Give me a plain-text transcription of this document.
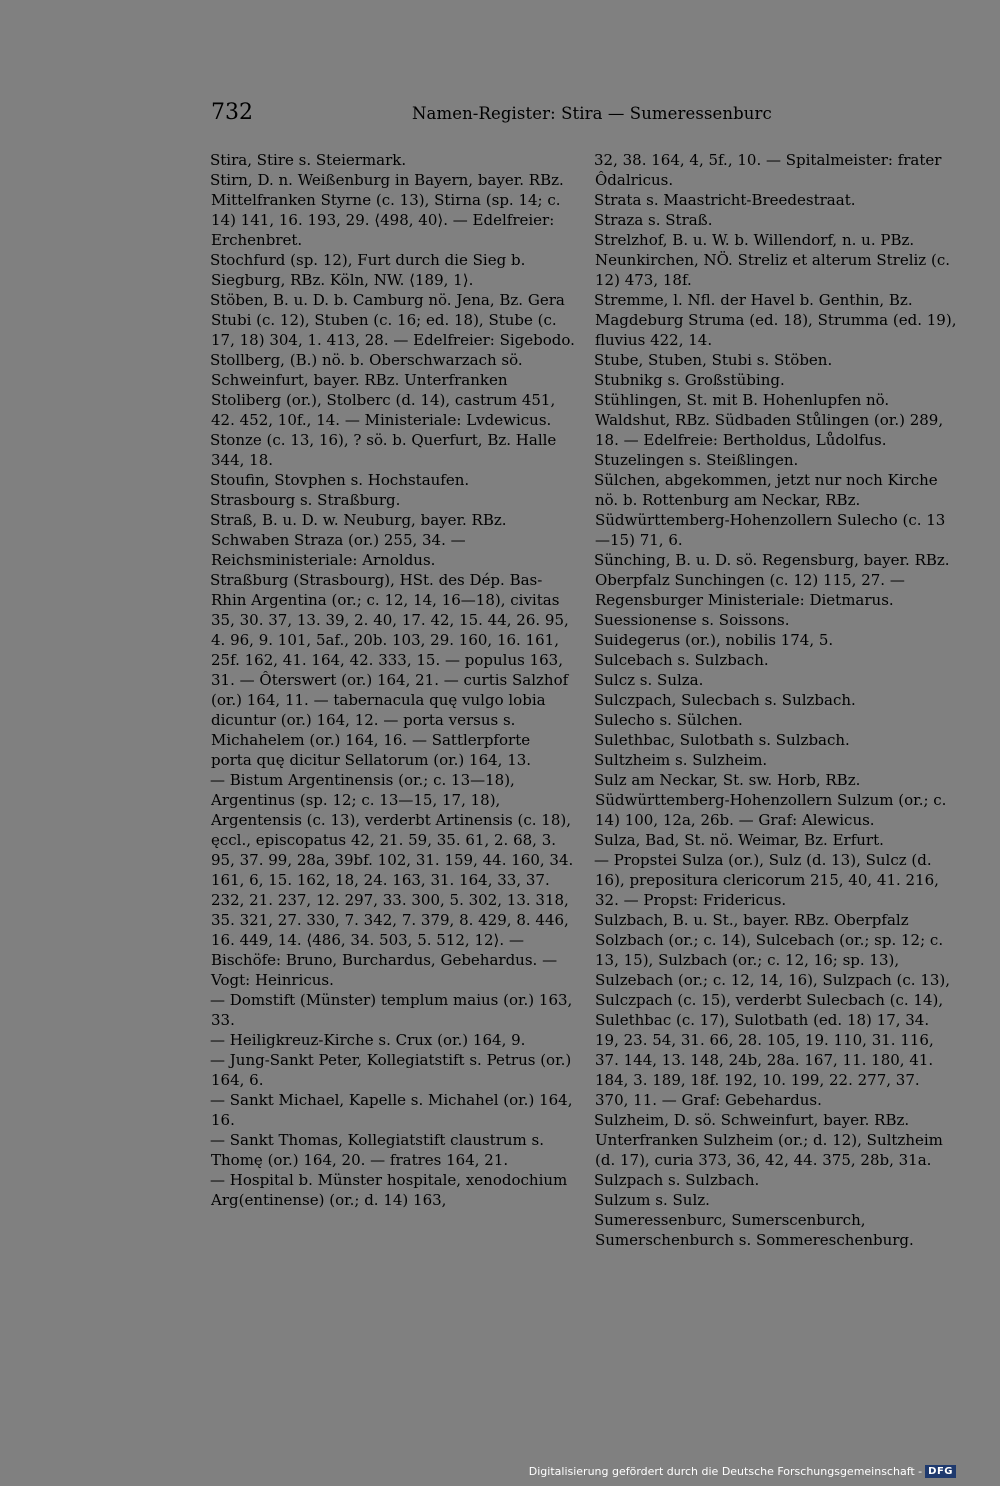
732	Namen-Register: Stira — Sumeressenburc

Stira, Stire s. Steiermark.

Stirn, D. n. Weißenburg in Bayern, bayer. RBz. Mittelfranken Styrne (c. 13), Stirna (sp. 14; c. 14) 141, 16. 193, 29. ⟨498, 40⟩. — Edelfreier: Erchenbret.

Stochfurd (sp. 12), Furt durch die Sieg b. Siegburg, RBz. Köln, NW. ⟨189, 1⟩.

Stöben, B. u. D. b. Camburg nö. Jena, Bz. Gera Stubi (c. 12), Stuben (c. 16; ed. 18), Stube (c. 17, 18) 304, 1. 413, 28. — Edelfreier: Sigebodo.

Stollberg, (B.) nö. b. Oberschwarzach sö. Schweinfurt, bayer. RBz. Unterfranken Stoliberg (or.), Stolberc (d. 14), castrum 451, 42. 452, 10f., 14. — Ministeriale: Lvdewicus.

Stonze (c. 13, 16), ? sö. b. Querfurt, Bz. Halle 344, 18.

Stoufin, Stovphen s. Hochstaufen.

Strasbourg s. Straßburg.

Straß, B. u. D. w. Neuburg, bayer. RBz. Schwaben Straza (or.) 255, 34. — Reichsministeriale: Arnoldus.

Straßburg (Strasbourg), HSt. des Dép. Bas-Rhin Argentina (or.; c. 12, 14, 16—18), civitas 35, 30. 37, 13. 39, 2. 40, 17. 42, 15. 44, 26. 95, 4. 96, 9. 101, 5af., 20b. 103, 29. 160, 16. 161, 25f. 162, 41. 164, 42. 333, 15. — populus 163, 31. — Ôterswert (or.) 164, 21. — curtis Salzhof (or.) 164, 11. — tabernacula quę vulgo lobia dicuntur (or.) 164, 12. — porta versus s. Michahelem (or.) 164, 16. — Sattlerpforte porta quę dicitur Sellatorum (or.) 164, 13.

— Bistum Argentinensis (or.; c. 13—18), Argentinus (sp. 12; c. 13—15, 17, 18), Argentensis (c. 13), verderbt Artinensis (c. 18), ęccl., episcopatus 42, 21. 59, 35. 61, 2. 68, 3. 95, 37. 99, 28a, 39bf. 102, 31. 159, 44. 160, 34. 161, 6, 15. 162, 18, 24. 163, 31. 164, 33, 37. 232, 21. 237, 12. 297, 33. 300, 5. 302, 13. 318, 35. 321, 27. 330, 7. 342, 7. 379, 8. 429, 8. 446, 16. 449, 14. ⟨486, 34. 503, 5. 512, 12⟩. — Bischöfe: Bruno, Burchardus, Gebehardus. — Vogt: Heinricus.

— Domstift (Münster) templum maius (or.) 163, 33.

— Heiligkreuz-Kirche s. Crux (or.) 164, 9.

— Jung-Sankt Peter, Kollegiatstift s. Petrus (or.) 164, 6.

— Sankt Michael, Kapelle s. Michahel (or.) 164, 16.

— Sankt Thomas, Kollegiatstift claustrum s. Thomę (or.) 164, 20. — fratres 164, 21.

— Hospital b. Münster hospitale, xenodochium Arg(entinense) (or.; d. 14) 163,

32, 38. 164, 4, 5f., 10. — Spitalmeister: frater Ôdalricus.

Strata s. Maastricht-Breedestraat.

Straza s. Straß.

Strelzhof, B. u. W. b. Willendorf, n. u. PBz. Neunkirchen, NÖ. Streliz et alterum Streliz (c. 12) 473, 18f.

Stremme, l. Nfl. der Havel b. Genthin, Bz. Magdeburg Struma (ed. 18), Strumma (ed. 19), fluvius 422, 14.

Stube, Stuben, Stubi s. Stöben.

Stubnikg s. Großstübing.

Stühlingen, St. mit B. Hohenlupfen nö. Waldshut, RBz. Südbaden Stůlingen (or.) 289, 18. — Edelfreie: Bertholdus, Lůdolfus.

Stuzelingen s. Steißlingen.

Sülchen, abgekommen, jetzt nur noch Kirche nö. b. Rottenburg am Neckar, RBz. Südwürttemberg-Hohenzollern Sulecho (c. 13—15) 71, 6.

Sünching, B. u. D. sö. Regensburg, bayer. RBz. Oberpfalz Sunchingen (c. 12) 115, 27. — Regensburger Ministeriale: Dietmarus.

Suessionense s. Soissons.

Suidegerus (or.), nobilis 174, 5.

Sulcebach s. Sulzbach.

Sulcz s. Sulza.

Sulczpach, Sulecbach s. Sulzbach.

Sulecho s. Sülchen.

Sulethbac, Sulotbath s. Sulzbach.

Sultzheim s. Sulzheim.

Sulz am Neckar, St. sw. Horb, RBz. Südwürttemberg-Hohenzollern Sulzum (or.; c. 14) 100, 12a, 26b. — Graf: Alewicus.

Sulza, Bad, St. nö. Weimar, Bz. Erfurt.

— Propstei Sulza (or.), Sulz (d. 13), Sulcz (d. 16), prepositura clericorum 215, 40, 41. 216, 32. — Propst: Fridericus.

Sulzbach, B. u. St., bayer. RBz. Oberpfalz Solzbach (or.; c. 14), Sulcebach (or.; sp. 12; c. 13, 15), Sulzbach (or.; c. 12, 16; sp. 13), Sulzebach (or.; c. 12, 14, 16), Sulzpach (c. 13), Sulczpach (c. 15), verderbt Sulecbach (c. 14), Sulethbac (c. 17), Sulotbath (ed. 18) 17, 34. 19, 23. 54, 31. 66, 28. 105, 19. 110, 31. 116, 37. 144, 13. 148, 24b, 28a. 167, 11. 180, 41. 184, 3. 189, 18f. 192, 10. 199, 22. 277, 37. 370, 11. — Graf: Gebehardus.

Sulzheim, D. sö. Schweinfurt, bayer. RBz. Unterfranken Sulzheim (or.; d. 12), Sultzheim (d. 17), curia 373, 36, 42, 44. 375, 28b, 31a.

Sulzpach s. Sulzbach.

Sulzum s. Sulz.

Sumeressenburc, Sumerscenburch, Sumerschenburch s. Sommereschenburg.

Digitalisierung gefördert durch die Deutsche Forschungsgemeinschaft - DFG
